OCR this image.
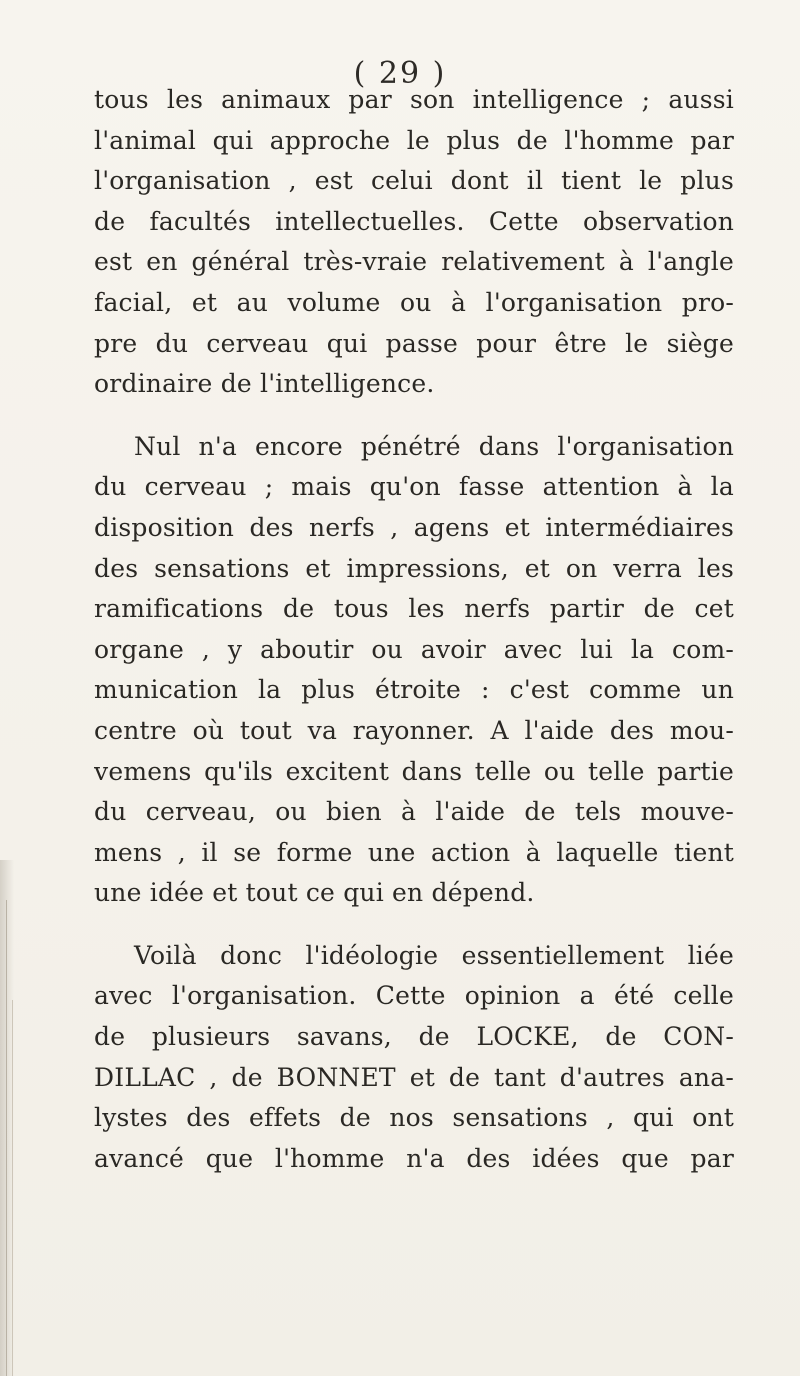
( 29 )
tous les animaux par son intelligence ; aussi
l'animal qui approche le plus de l'homme par
l'organisation , est celui dont il tient le plus
de facultés intellectuelles. Cette observation
est en général très-vraie relativement à l'angle
facial, et au volume ou à l'organisation pro-
pre du cerveau qui passe pour être le siège
ordinaire de l'intelligence.
Nul n'a encore pénétré dans l'organisation
du cerveau ; mais qu'on fasse attention à la
disposition des nerfs , agens et intermédiaires
des sensations et impressions, et on verra les
ramifications de tous les nerfs partir de cet
organe , y aboutir ou avoir avec lui la com-
munication la plus étroite : c'est comme un
centre où tout va rayonner. A l'aide des mou-
vemens qu'ils excitent dans telle ou telle partie
du cerveau, ou bien à l'aide de tels mouve-
mens , il se forme une action à laquelle tient
une idée et tout ce qui en dépend.
Voilà donc l'idéologie essentiellement liée
avec l'organisation. Cette opinion a été celle
de plusieurs savans, de LOCKE, de CON-
DILLAC , de BONNET et de tant d'autres ana-
lystes des effets de nos sensations , qui ont
avancé que l'homme n'a des idées que par
